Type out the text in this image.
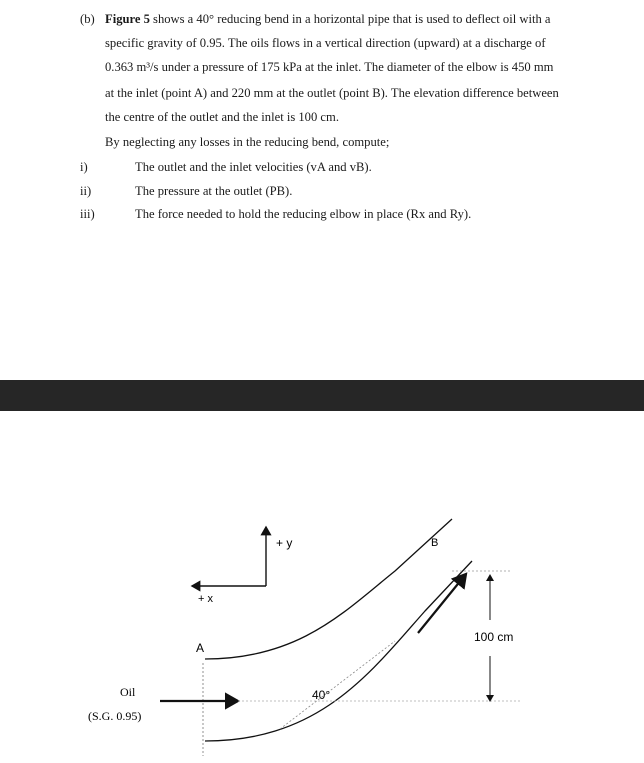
(b) Figure 5 shows a 40° reducing bend in a horizontal pipe that is used to deflect oil with a
specific gravity of 0.95. The oils flows in a vertical direction (upward) at a discharge of
0.363 m³/s under a pressure of 175 kPa at the inlet. The diameter of the elbow is 450 mm
at the inlet (point A) and 220 mm at the outlet (point B). The elevation difference between
the centre of the outlet and the inlet is 100 cm.
By neglecting any losses in the reducing bend, compute;
i)	The outlet and the inlet velocities (vA and vB).
ii)	The pressure at the outlet (PB).
iii)	The force needed to hold the reducing elbow in place (Rx and Ry).
+ y
+ x
A
B
40°
100 cm
Oil
(S.G. 0.95)
